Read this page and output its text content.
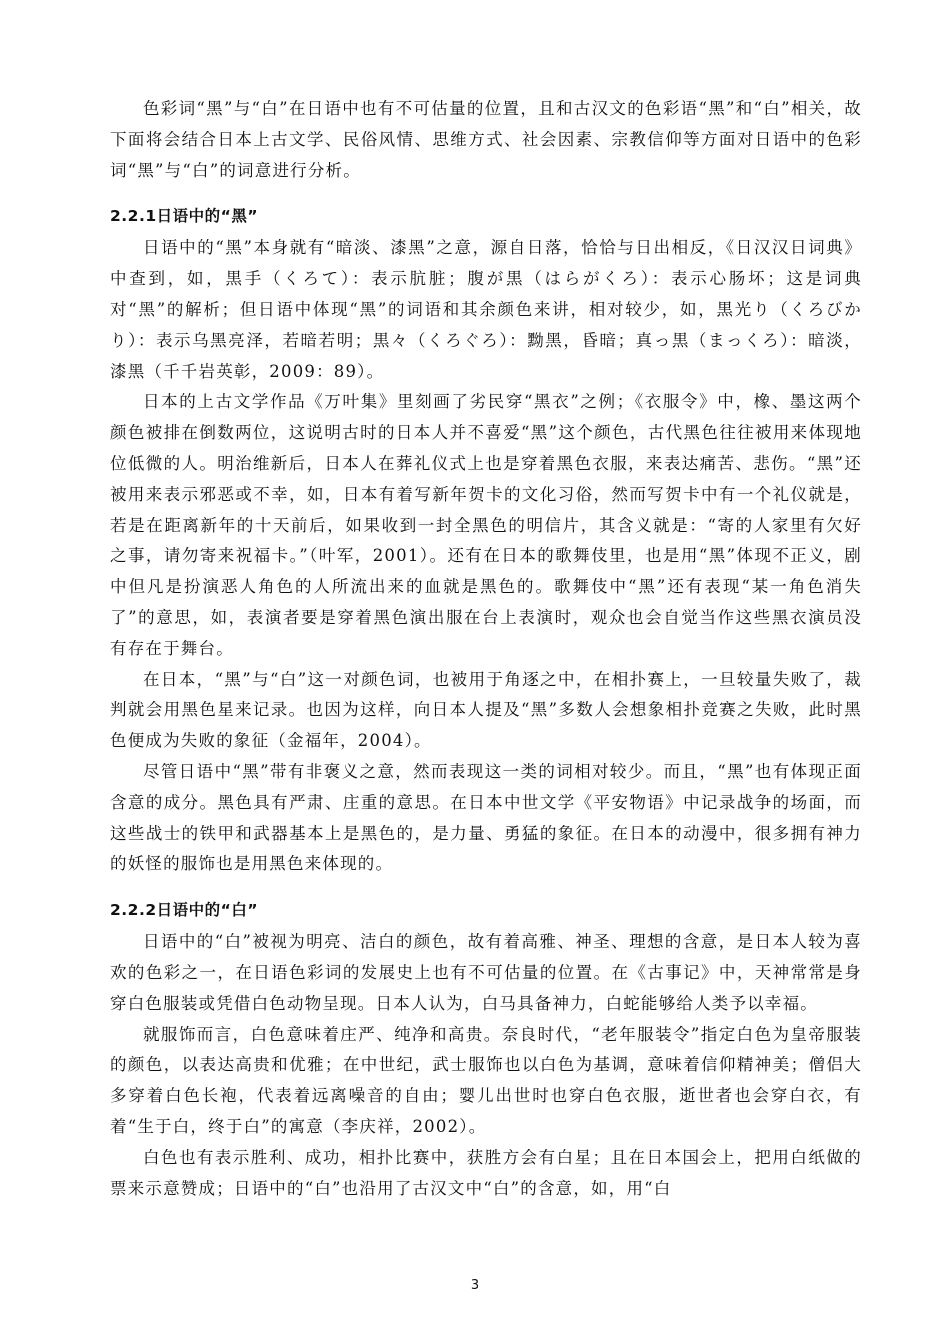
色彩词“黑”与“白”在日语中也有不可估量的位置，且和古汉文的色彩语“黑”和“白”相关，故下面将会结合日本上古文学、民俗风情、思维方式、社会因素、宗教信仰等方面对日语中的色彩词“黑”与“白”的词意进行分析。

2.2.1日语中的“黑”

日语中的“黑”本身就有“暗淡、漆黑”之意，源自日落，恰恰与日出相反，《日汉汉日词典》中查到，如，黒手（くろて）：表示肮脏；腹が黒（はらがくろ）：表示心肠坏；这是词典对“黑”的解析；但日语中体现“黑”的词语和其余颜色来讲，相对较少，如，黒光り（くろびかり）：表示乌黑亮泽，若暗若明；黒々（くろぐろ）：黝黑，昏暗；真っ黒（まっくろ）：暗淡，漆黑（千千岩英彰，2009：89）。

日本的上古文学作品《万叶集》里刻画了劣民穿“黑衣”之例；《衣服令》中，橡、墨这两个颜色被排在倒数两位，这说明古时的日本人并不喜爱“黑”这个颜色，古代黑色往往被用来体现地位低微的人。明治维新后，日本人在葬礼仪式上也是穿着黑色衣服，来表达痛苦、悲伤。“黑”还被用来表示邪恶或不幸，如，日本有着写新年贺卡的文化习俗，然而写贺卡中有一个礼仪就是，若是在距离新年的十天前后，如果收到一封全黑色的明信片，其含义就是：“寄的人家里有欠好之事，请勿寄来祝福卡。”（叶军，2001）。还有在日本的歌舞伎里，也是用“黑”体现不正义，剧中但凡是扮演恶人角色的人所流出来的血就是黑色的。歌舞伎中“黑”还有表现“某一角色消失了”的意思，如，表演者要是穿着黑色演出服在台上表演时，观众也会自觉当作这些黑衣演员没有存在于舞台。

在日本，“黑”与“白”这一对颜色词，也被用于角逐之中，在相扑赛上，一旦较量失败了，裁判就会用黑色星来记录。也因为这样，向日本人提及“黑”多数人会想象相扑竞赛之失败，此时黑色便成为失败的象征（金福年，2004）。

尽管日语中“黑”带有非褒义之意，然而表现这一类的词相对较少。而且，“黑”也有体现正面含意的成分。黑色具有严肃、庄重的意思。在日本中世文学《平安物语》中记录战争的场面，而这些战士的铁甲和武器基本上是黑色的，是力量、勇猛的象征。在日本的动漫中，很多拥有神力的妖怪的服饰也是用黑色来体现的。

2.2.2日语中的“白”

日语中的“白”被视为明亮、洁白的颜色，故有着高雅、神圣、理想的含意，是日本人较为喜欢的色彩之一，在日语色彩词的发展史上也有不可估量的位置。在《古事记》中，天神常常是身穿白色服装或凭借白色动物呈现。日本人认为，白马具备神力，白蛇能够给人类予以幸福。

就服饰而言，白色意味着庄严、纯净和高贵。奈良时代，“老年服装令”指定白色为皇帝服装的颜色，以表达高贵和优雅；在中世纪，武士服饰也以白色为基调，意味着信仰精神美；僧侣大多穿着白色长袍，代表着远离噪音的自由；婴儿出世时也穿白色衣服，逝世者也会穿白衣，有着“生于白，终于白”的寓意（李庆祥，2002）。

白色也有表示胜利、成功，相扑比赛中，获胜方会有白星；且在日本国会上，把用白纸做的票来示意赞成；日语中的“白”也沿用了古汉文中“白”的含意，如，用“白

3
